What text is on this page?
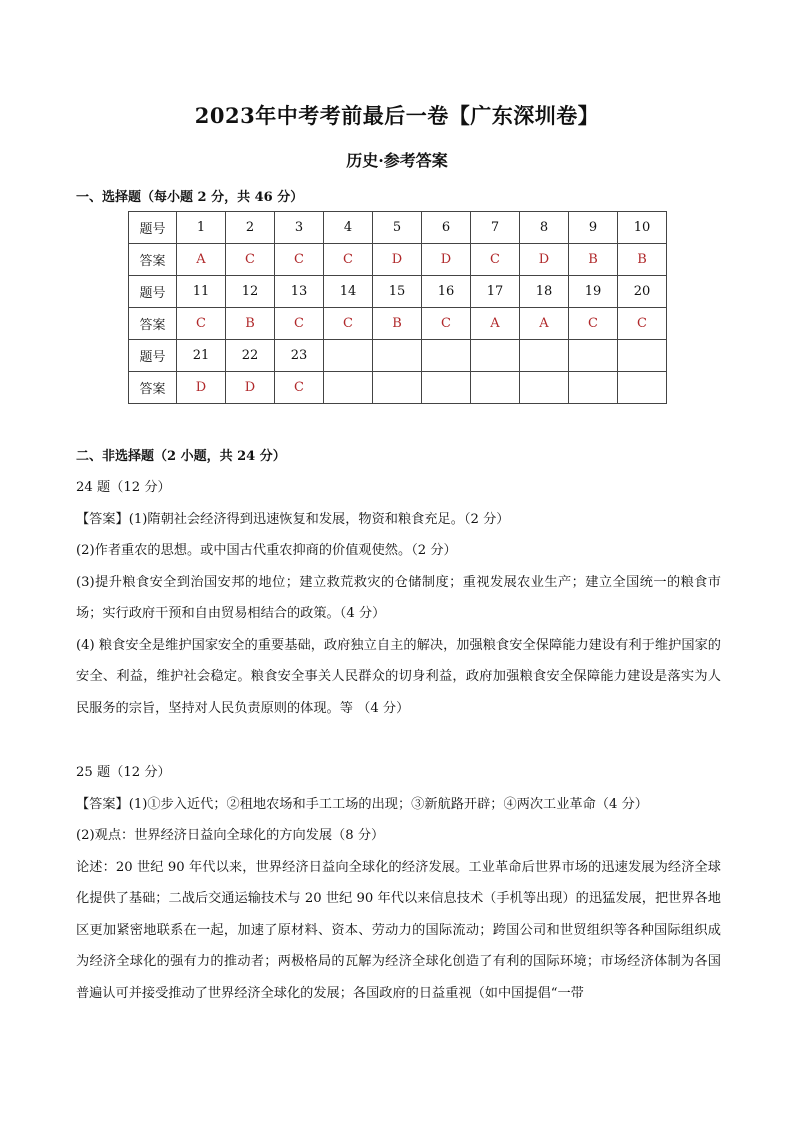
2023年中考考前最后一卷【广东深圳卷】
历史·参考答案
一、选择题（每小题 2 分，共 46 分）
题号	1	2	3	4	5	6	7	8	9	10
答案	A	C	C	C	D	D	C	D	B	B
题号	11	12	13	14	15	16	17	18	19	20
答案	C	B	C	C	B	C	A	A	C	C
题号	21	22	23							
答案	D	D	C							
二、非选择题（2 小题，共 24 分）

24 题（12 分）

【答案】(1)隋朝社会经济得到迅速恢复和发展，物资和粮食充足。（2 分）

(2)作者重农的思想。或中国古代重农抑商的价值观使然。（2 分）

(3)提升粮食安全到治国安邦的地位；建立救荒救灾的仓储制度；重视发展农业生产；建立全国统一的粮食市场；实行政府干预和自由贸易相结合的政策。（4 分）

(4) 粮食安全是维护国家安全的重要基础，政府独立自主的解决，加强粮食安全保障能力建设有利于维护国家的安全、利益，维护社会稳定。粮食安全事关人民群众的切身利益，政府加强粮食安全保障能力建设是落实为人民服务的宗旨，坚持对人民负责原则的体现。等 （4 分）

25 题（12 分）

【答案】(1)①步入近代；②租地农场和手工工场的出现；③新航路开辟；④两次工业革命（4 分）

(2)观点：世界经济日益向全球化的方向发展（8 分）

论述：20 世纪 90 年代以来，世界经济日益向全球化的经济发展。工业革命后世界市场的迅速发展为经济全球化提供了基础；二战后交通运输技术与 20 世纪 90 年代以来信息技术（手机等出现）的迅猛发展，把世界各地区更加紧密地联系在一起，加速了原材料、资本、劳动力的国际流动；跨国公司和世贸组织等各种国际组织成为经济全球化的强有力的推动者；两极格局的瓦解为经济全球化创造了有利的国际环境；市场经济体制为各国普遍认可并接受推动了世界经济全球化的发展；各国政府的日益重视（如中国提倡“一带
